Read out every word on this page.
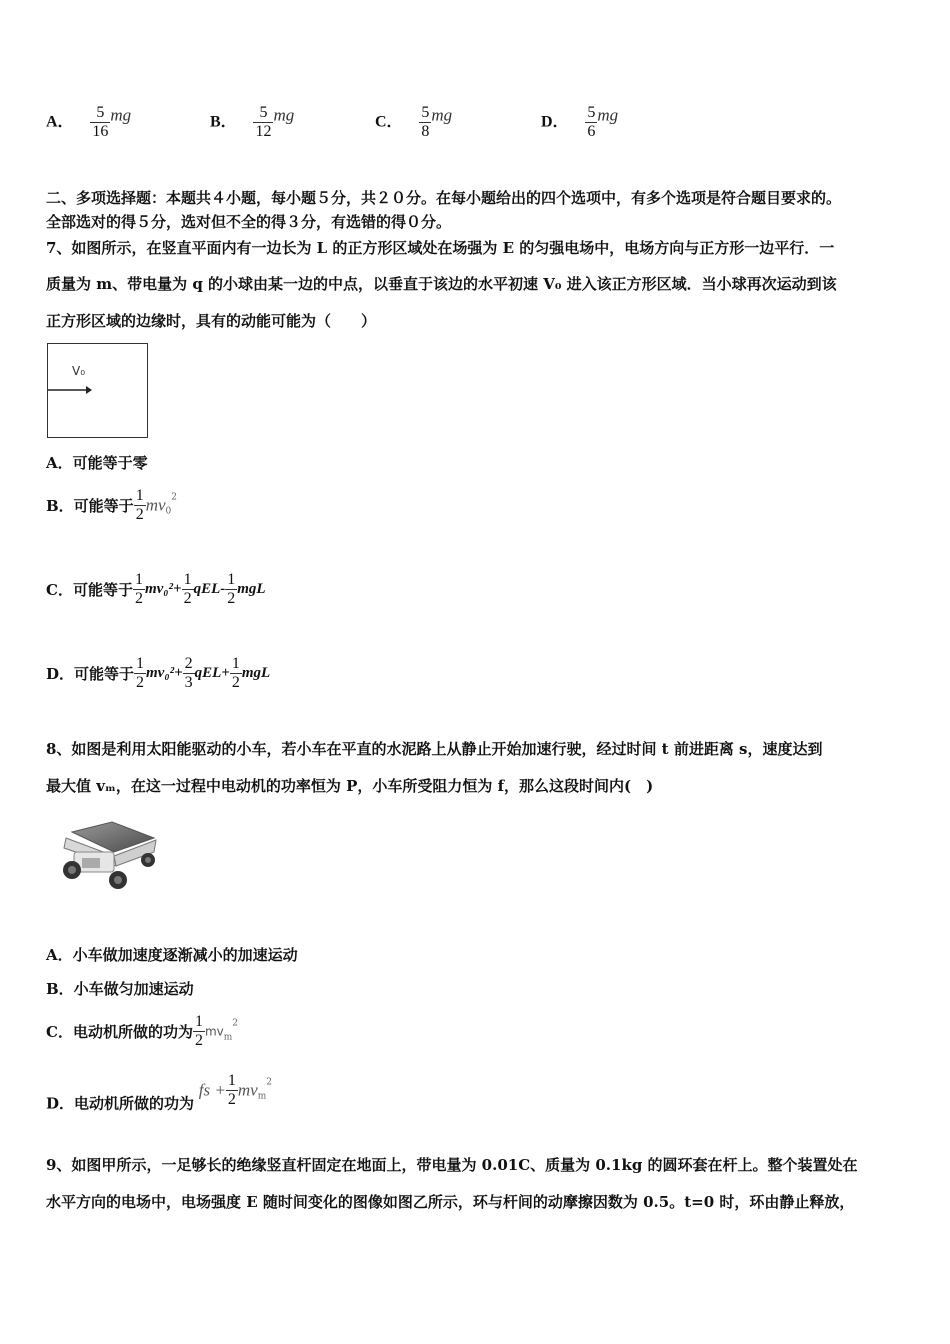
A． $\frac{5}{16}$ mg	B． $\frac{5}{12}$ mg	C． $\frac{5}{8}$ mg	D． $\frac{5}{6}$ mg
二、多项选择题：本题共４小题，每小题５分，共２０分。在每小题给出的四个选项中，有多个选项是符合题目要求的。
全部选对的得５分，选对但不全的得３分，有选错的得０分。
7、如图所示，在竖直平面内有一边长为 L 的正方形区域处在场强为 E 的匀强电场中，电场方向与正方形一边平行．一
质量为 m、带电量为 q 的小球由某一边的中点，以垂直于该边的水平初速 V₀ 进入该正方形区域．当小球再次运动到该
正方形区域的边缘时，具有的动能可能为（　　）
V₀
A．可能等于零
B．可能等于 $\frac{1}{2} mv_0^2$
C．可能等于 $\frac{1}{2} mv_0^2+ \frac{1}{2} qEL- \frac{1}{2}$ mgL
D．可能等于 $\frac{1}{2} mv_0^2+ \frac{2}{3} qEL+ \frac{1}{2}$ mgL
8、如图是利用太阳能驱动的小车，若小车在平直的水泥路上从静止开始加速行驶，经过时间 t 前进距离 s，速度达到
最大值 vₘ，在这一过程中电动机的功率恒为 P，小车所受阻力恒为 f，那么这段时间内(　)
A．小车做加速度逐渐减小的加速运动
B．小车做匀加速运动
C．电动机所做的功为 $\frac{1}{2} mv_m^2$
D．电动机所做的功为 fs + $\frac{1}{2} mv_m^2$
9、如图甲所示，一足够长的绝缘竖直杆固定在地面上，带电量为 0.01C、质量为 0.1kg 的圆环套在杆上。整个装置处在
水平方向的电场中，电场强度 E 随时间变化的图像如图乙所示，环与杆间的动摩擦因数为 0.5。t=0 时，环由静止释放，
